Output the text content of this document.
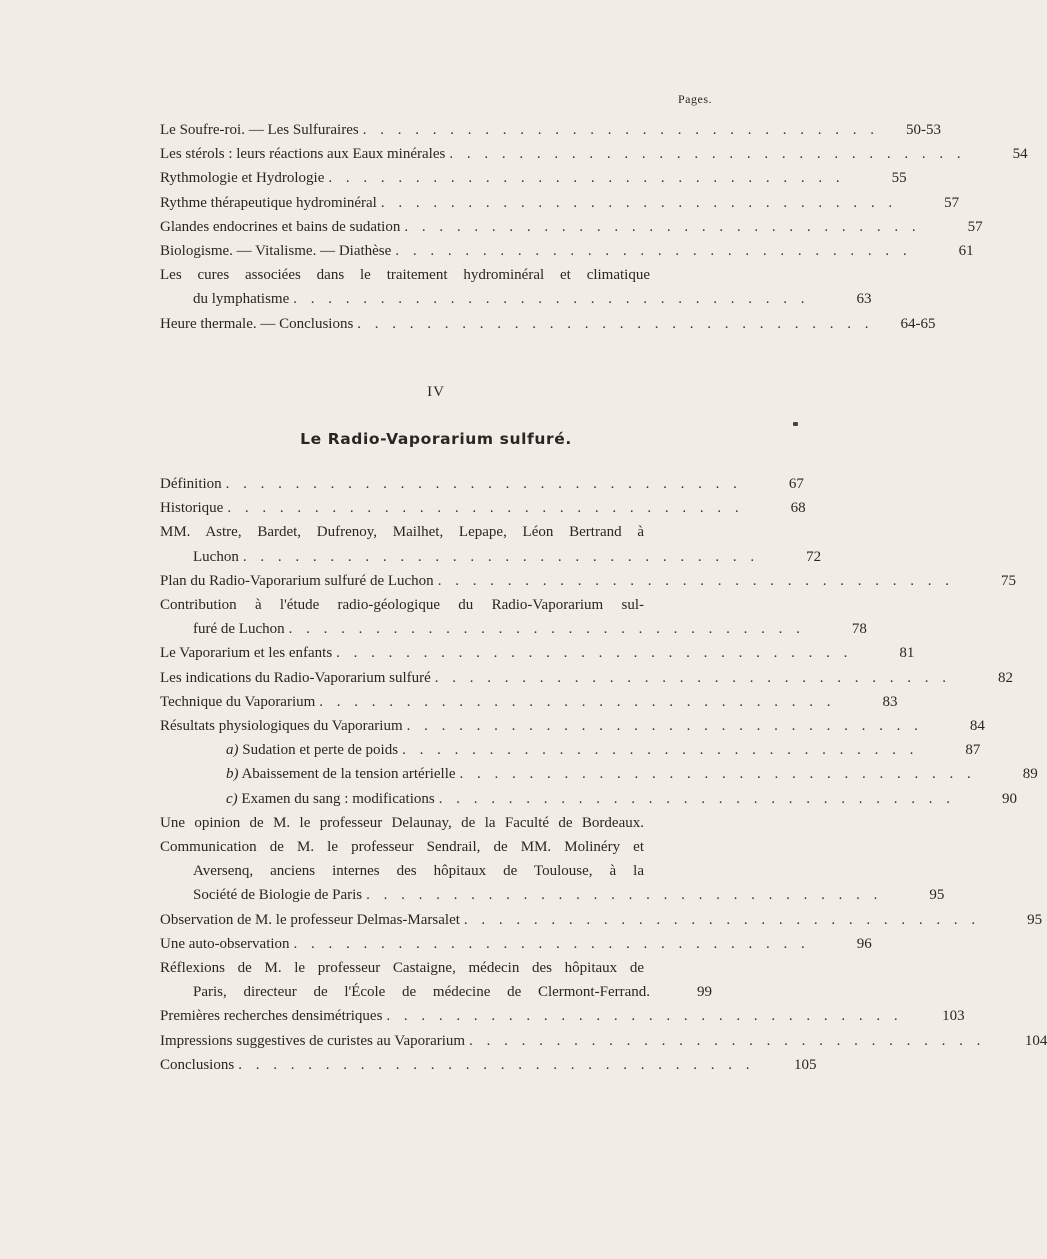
Pages.
Le Soufre-roi. — Les Sulfuraires . . . . . . . . . . . . . . . . . . . . . . . . . . . . . .	50-53
Les stérols : leurs réactions aux Eaux minérales . . . . . . . . . . . . . . . . . . . . . . . . . . . . . .	54
Rythmologie et Hydrologie . . . . . . . . . . . . . . . . . . . . . . . . . . . . . .	55
Rythme thérapeutique hydrominéral . . . . . . . . . . . . . . . . . . . . . . . . . . . . . .	57
Glandes endocrines et bains de sudation . . . . . . . . . . . . . . . . . . . . . . . . . . . . . .	57
Biologisme. — Vitalisme. — Diathèse . . . . . . . . . . . . . . . . . . . . . . . . . . . . . .	61
Les cures associées dans le traitement hydrominéral et climatique
du lymphatisme . . . . . . . . . . . . . . . . . . . . . . . . . . . . . .	63
Heure thermale. — Conclusions . . . . . . . . . . . . . . . . . . . . . . . . . . . . . .	64-65
IV
Le Radio-Vaporarium sulfuré.
Définition . . . . . . . . . . . . . . . . . . . . . . . . . . . . . .	67
Historique . . . . . . . . . . . . . . . . . . . . . . . . . . . . . .	68
MM. Astre, Bardet, Dufrenoy, Mailhet, Lepape, Léon Bertrand à
Luchon . . . . . . . . . . . . . . . . . . . . . . . . . . . . . .	72
Plan du Radio-Vaporarium sulfuré de Luchon . . . . . . . . . . . . . . . . . . . . . . . . . . . . . .	75
Contribution à l'étude radio-géologique du Radio-Vaporarium sul-
furé de Luchon . . . . . . . . . . . . . . . . . . . . . . . . . . . . . .	78
Le Vaporarium et les enfants . . . . . . . . . . . . . . . . . . . . . . . . . . . . . .	81
Les indications du Radio-Vaporarium sulfuré . . . . . . . . . . . . . . . . . . . . . . . . . . . . . .	82
Technique du Vaporarium . . . . . . . . . . . . . . . . . . . . . . . . . . . . . .	83
Résultats physiologiques du Vaporarium . . . . . . . . . . . . . . . . . . . . . . . . . . . . . .	84
a) Sudation et perte de poids . . . . . . . . . . . . . . . . . . . . . . . . . . . . . .	87
b) Abaissement de la tension artérielle . . . . . . . . . . . . . . . . . . . . . . . . . . . . . .	89
c) Examen du sang : modifications . . . . . . . . . . . . . . . . . . . . . . . . . . . . . .	90
Une opinion de M. le professeur Delaunay, de la Faculté de Bordeaux.
Communication de M. le professeur Sendrail, de MM. Molinéry et
Aversenq, anciens internes des hôpitaux de Toulouse, à la
Société de Biologie de Paris . . . . . . . . . . . . . . . . . . . . . . . . . . . . . .	95
Observation de M. le professeur Delmas-Marsalet . . . . . . . . . . . . . . . . . . . . . . . . . . . . . .	95
Une auto-observation . . . . . . . . . . . . . . . . . . . . . . . . . . . . . .	96
Réflexions de M. le professeur Castaigne, médecin des hôpitaux de
Paris, directeur de l'École de médecine de Clermont-Ferrand.	99
Premières recherches densimétriques . . . . . . . . . . . . . . . . . . . . . . . . . . . . . .	103
Impressions suggestives de curistes au Vaporarium . . . . . . . . . . . . . . . . . . . . . . . . . . . . . .	104
Conclusions . . . . . . . . . . . . . . . . . . . . . . . . . . . . . .	105
